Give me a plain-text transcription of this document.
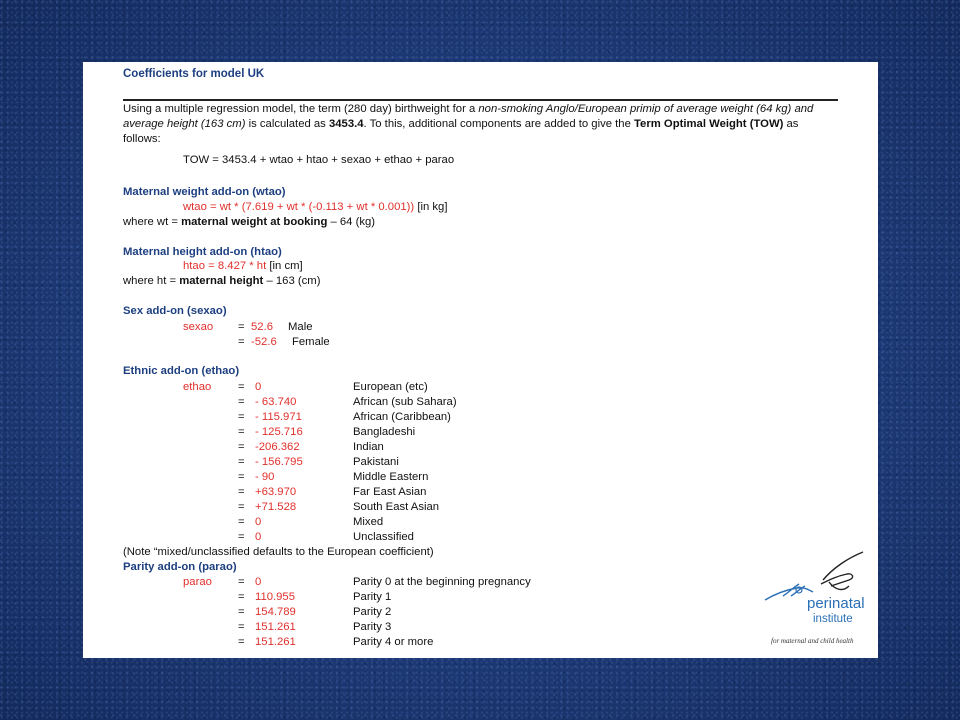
Coefficients for model UK
Using a multiple regression model, the term (280 day) birthweight for a non-smoking Anglo/European primip of average weight (64 kg) and average height (163 cm) is calculated as 3453.4. To this, additional components are added to give the Term Optimal Weight (TOW) as follows:
TOW = 3453.4 + wtao + htao + sexao + ethao + parao
Maternal weight add-on (wtao)
wtao = wt * (7.619 + wt * (-0.113 + wt * 0.001)) [in kg]
where wt = maternal weight at booking – 64 (kg)
Maternal height add-on (htao)
htao = 8.427 * ht [in cm]
where ht = maternal height – 163 (cm)
Sex add-on (sexao)
sexao = 52.6 Male
= -52.6 Female
Ethnic add-on (ethao)
ethao = 0	European (etc)
= - 63.740	African (sub Sahara)
= - 115.971	African (Caribbean)
= - 125.716	Bangladeshi
= -206.362	Indian
= - 156.795	Pakistani
= - 90	Middle Eastern
= +63.970	Far East Asian
= +71.528	South East Asian
= 0	Mixed
= 0	Unclassified
(Note “mixed/unclassified defaults to the European coefficient)
Parity add-on (parao)
parao = 0	Parity 0 at the beginning pregnancy
= 110.955	Parity 1
= 154.789	Parity 2
= 151.261	Parity 3
= 151.261	Parity 4 or more
perinatal
institute
for maternal and child health
